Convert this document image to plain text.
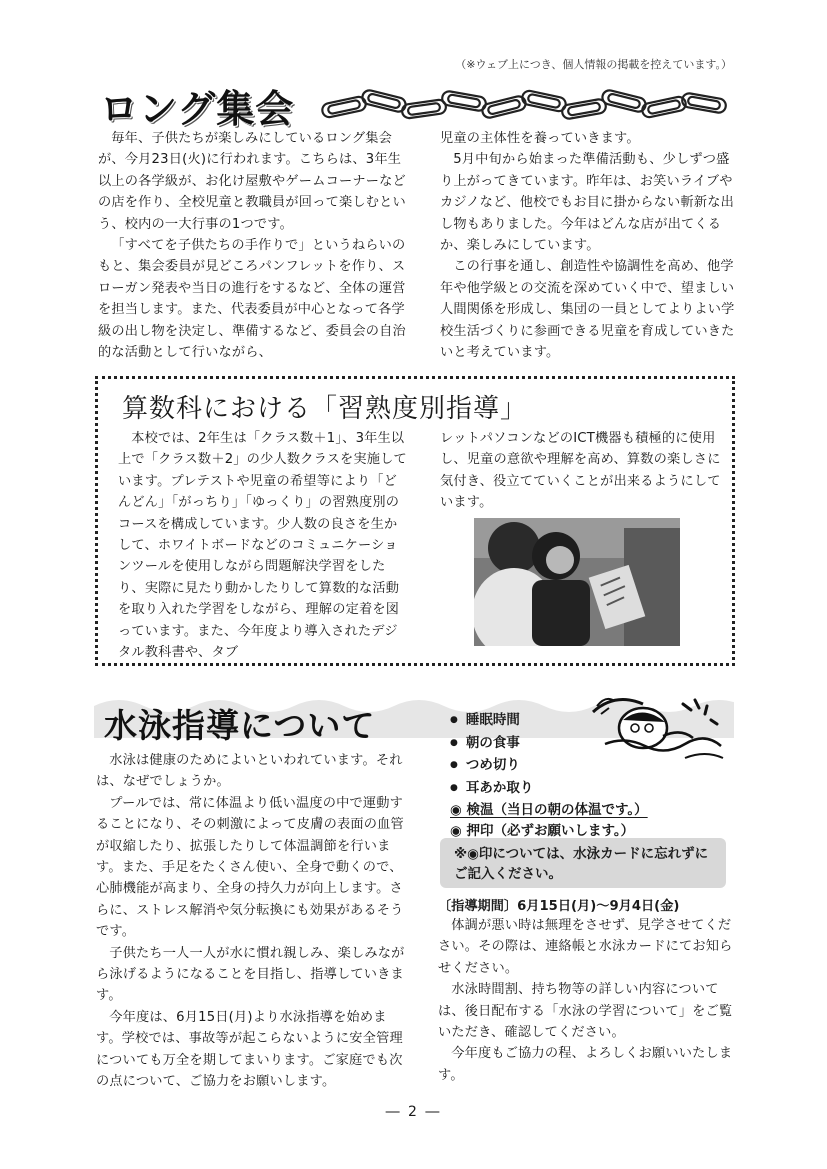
（※ウェブ上につき、個人情報の掲載を控えています。）
ロング集会

毎年、子供たちが楽しみにしているロング集会が、今月23日(火)に行われます。こちらは、3年生以上の各学級が、お化け屋敷やゲームコーナーなどの店を作り、全校児童と教職員が回って楽しむという、校内の一大行事の1つです。

「すべてを子供たちの手作りで」というねらいのもと、集会委員が見どころパンフレットを作り、スローガン発表や当日の進行をするなど、全体の運営を担当します。また、代表委員が中心となって各学級の出し物を決定し、準備するなど、委員会の自治的な活動として行いながら、

児童の主体性を養っていきます。

5月中旬から始まった準備活動も、少しずつ盛り上がってきています。昨年は、お笑いライブやカジノなど、他校でもお目に掛からない斬新な出し物もありました。今年はどんな店が出てくるか、楽しみにしています。

この行事を通し、創造性や協調性を高め、他学年や他学級との交流を深めていく中で、望ましい人間関係を形成し、集団の一員としてよりよい学校生活づくりに参画できる児童を育成していきたいと考えています。

算数科における「習熟度別指導」

本校では、2年生は「クラス数＋1」、3年生以上で「クラス数＋2」の少人数クラスを実施しています。プレテストや児童の希望等により「どんどん」「がっちり」「ゆっくり」の習熟度別のコースを構成しています。少人数の良さを生かして、ホワイトボードなどのコミュニケーションツールを使用しながら問題解決学習をしたり、実際に見たり動かしたりして算数的な活動を取り入れた学習をしながら、理解の定着を図っています。また、今年度より導入されたデジタル教科書や、タブ

レットパソコンなどのICT機器も積極的に使用し、児童の意欲や理解を高め、算数の楽しさに気付き、役立てていくことが出来るようにしています。

水泳指導について

水泳は健康のためによいといわれています。それは、なぜでしょうか。

プールでは、常に体温より低い温度の中で運動することになり、その刺激によって皮膚の表面の血管が収縮したり、拡張したりして体温調節を行います。また、手足をたくさん使い、全身で動くので、心肺機能が高まり、全身の持久力が向上します。さらに、ストレス解消や気分転換にも効果があるそうです。

子供たち一人一人が水に慣れ親しみ、楽しみながら泳げるようになることを目指し、指導していきます。

今年度は、6月15日(月)より水泳指導を始めます。学校では、事故等が起こらないように安全管理についても万全を期してまいります。ご家庭でも次の点について、ご協力をお願いします。

● 睡眠時間
● 朝の食事
● つめ切り
● 耳あか取り
◉ 検温（当日の朝の体温です。）
◉ 押印（必ずお願いします。）
※◉印については、水泳カードに忘れずにご記入ください。
〔指導期間〕6月15日(月)～9月4日(金)

体調が悪い時は無理をさせず、見学させてください。その際は、連絡帳と水泳カードにてお知らせください。

水泳時間割、持ち物等の詳しい内容については、後日配布する「水泳の学習について」をご覧いただき、確認してください。

今年度もご協力の程、よろしくお願いいたします。

― 2 ―
